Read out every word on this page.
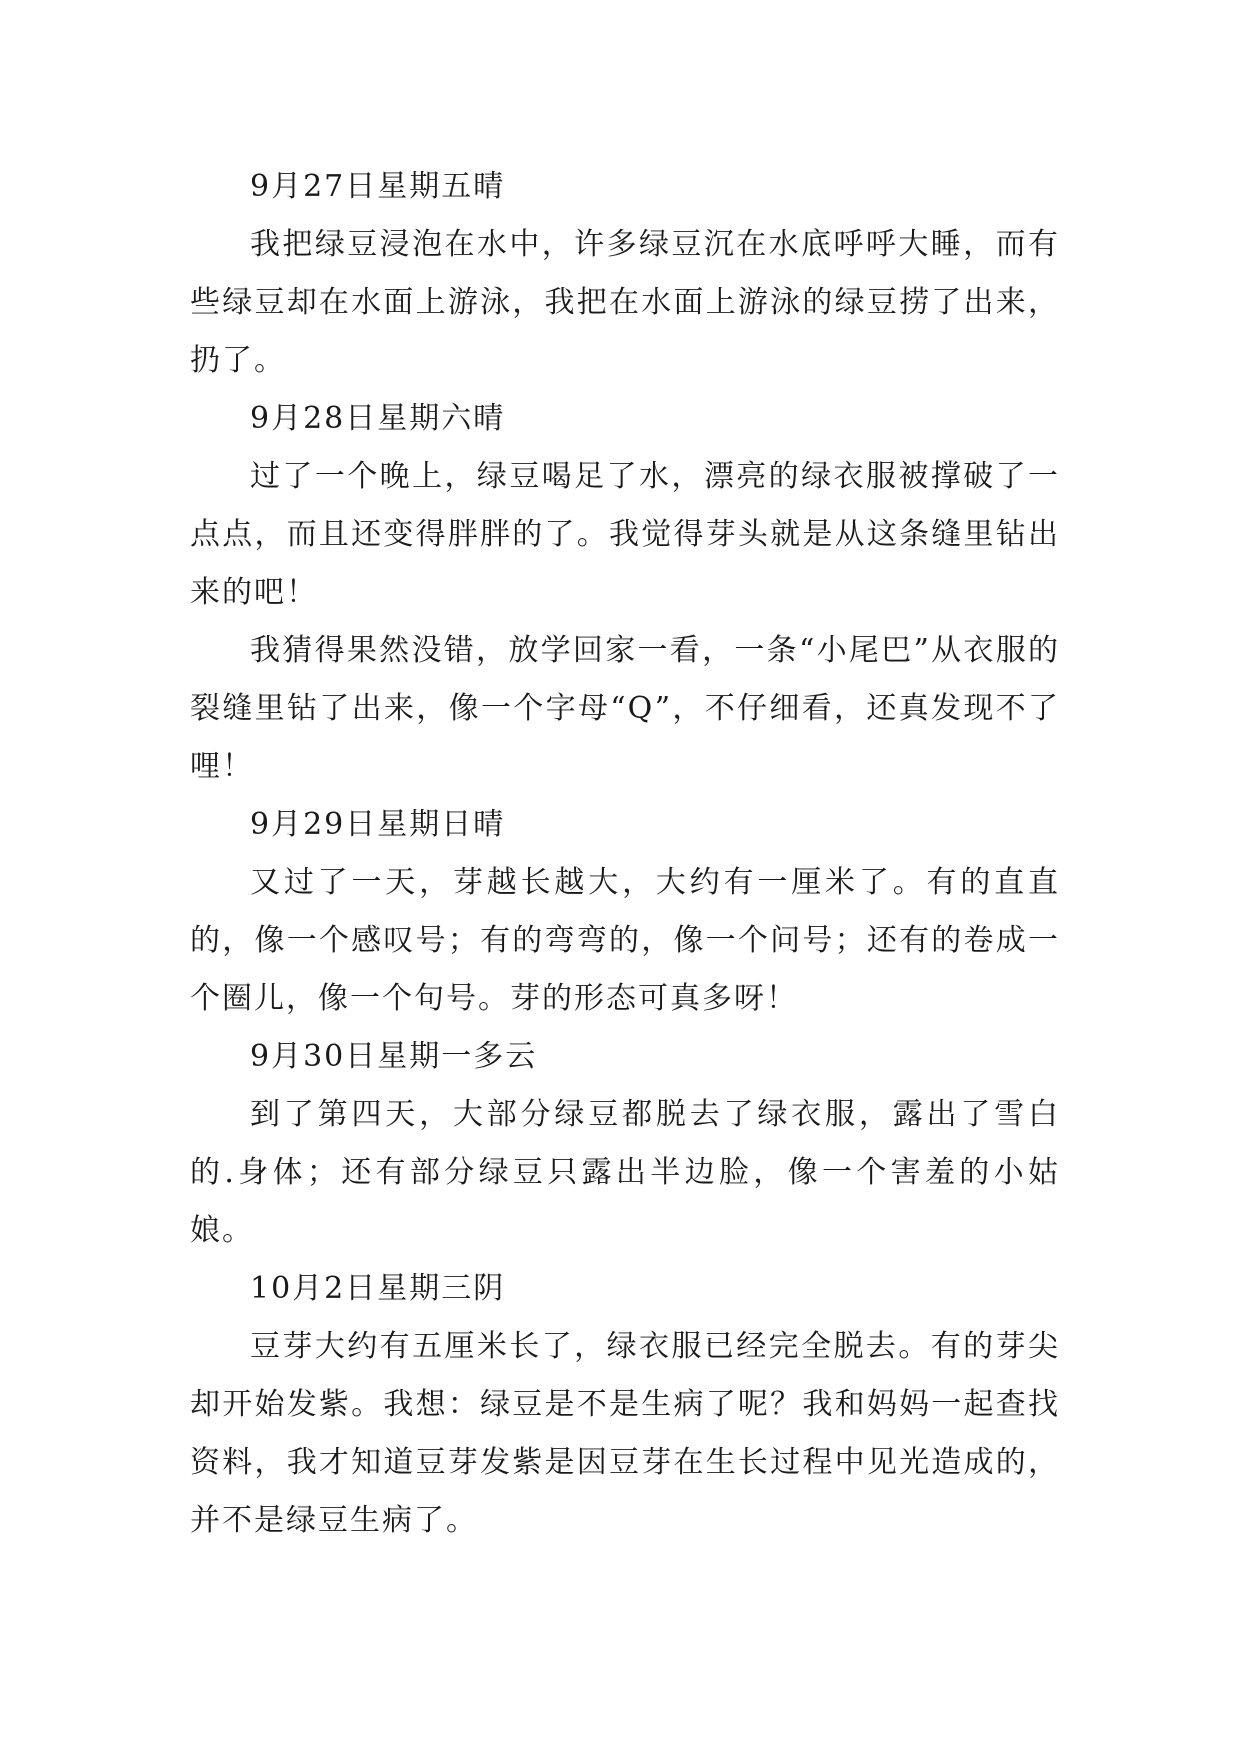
9月27日星期五晴

我把绿豆浸泡在水中，许多绿豆沉在水底呼呼大睡，而有些绿豆却在水面上游泳，我把在水面上游泳的绿豆捞了出来，扔了。

9月28日星期六晴

过了一个晚上，绿豆喝足了水，漂亮的绿衣服被撑破了一点点，而且还变得胖胖的了。我觉得芽头就是从这条缝里钻出来的吧！

我猜得果然没错，放学回家一看，一条“小尾巴”从衣服的裂缝里钻了出来，像一个字母“Q”，不仔细看，还真发现不了哩！

9月29日星期日晴

又过了一天，芽越长越大，大约有一厘米了。有的直直的，像一个感叹号；有的弯弯的，像一个问号；还有的卷成一个圈儿，像一个句号。芽的形态可真多呀！

9月30日星期一多云

到了第四天，大部分绿豆都脱去了绿衣服，露出了雪白的.身体；还有部分绿豆只露出半边脸，像一个害羞的小姑娘。

10月2日星期三阴

豆芽大约有五厘米长了，绿衣服已经完全脱去。有的芽尖却开始发紫。我想：绿豆是不是生病了呢？我和妈妈一起查找资料，我才知道豆芽发紫是因豆芽在生长过程中见光造成的，并不是绿豆生病了。
